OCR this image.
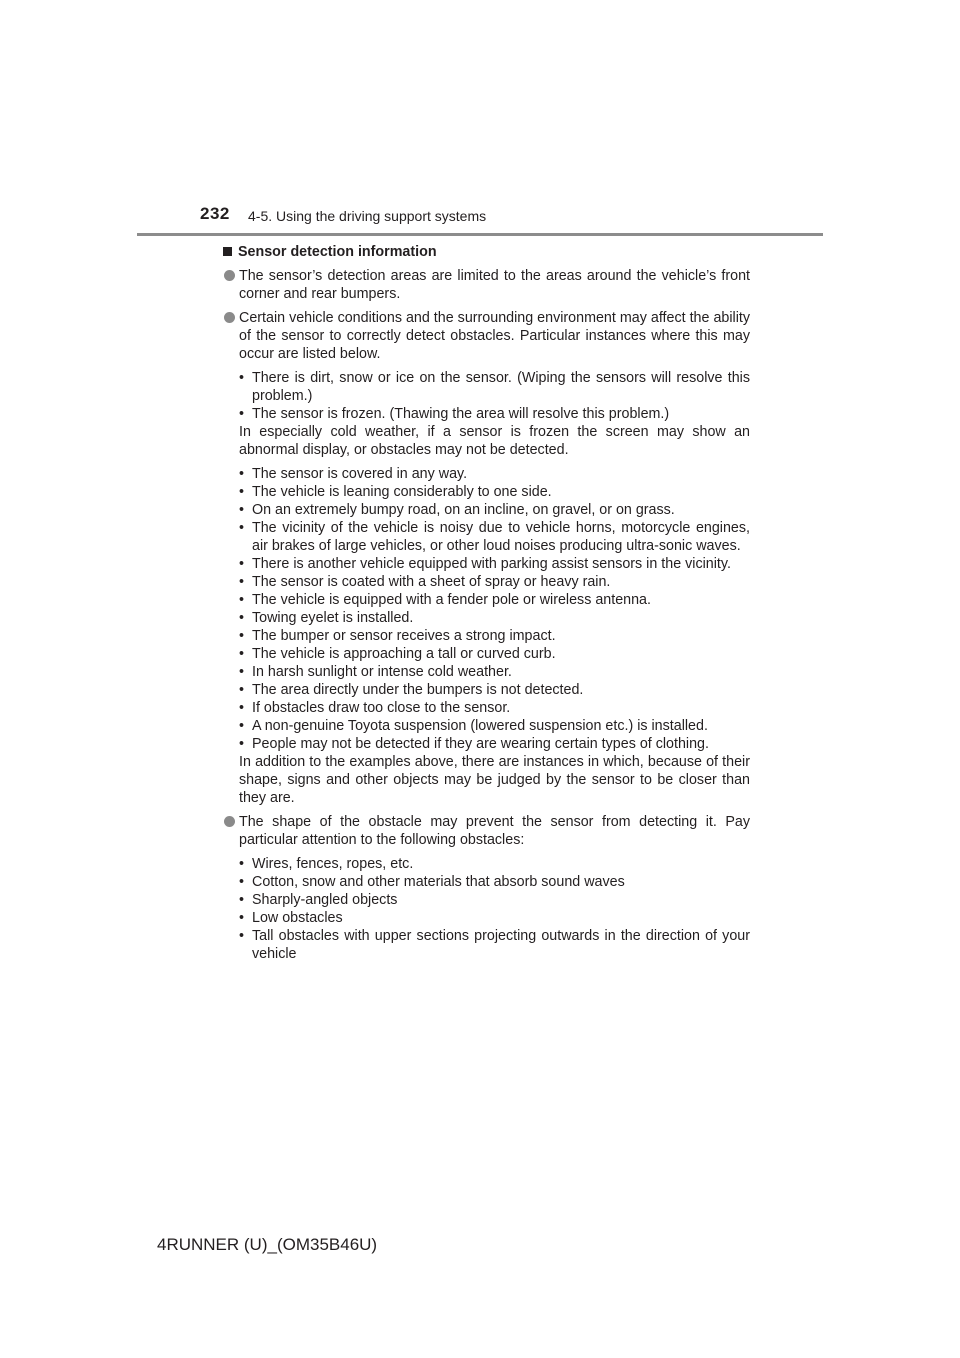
232 4-5. Using the driving support systems
Sensor detection information
The sensor’s detection areas are limited to the areas around the vehicle’s front corner and rear bumpers.
Certain vehicle conditions and the surrounding environment may affect the ability of the sensor to correctly detect obstacles. Particular instances where this may occur are listed below.
• There is dirt, snow or ice on the sensor. (Wiping the sensors will resolve this problem.)
• The sensor is frozen. (Thawing the area will resolve this problem.)
In especially cold weather, if a sensor is frozen the screen may show an abnormal display, or obstacles may not be detected.
• The sensor is covered in any way.
• The vehicle is leaning considerably to one side.
• On an extremely bumpy road, on an incline, on gravel, or on grass.
• The vicinity of the vehicle is noisy due to vehicle horns, motorcycle engines, air brakes of large vehicles, or other loud noises producing ultra-sonic waves.
• There is another vehicle equipped with parking assist sensors in the vicinity.
• The sensor is coated with a sheet of spray or heavy rain.
• The vehicle is equipped with a fender pole or wireless antenna.
• Towing eyelet is installed.
• The bumper or sensor receives a strong impact.
• The vehicle is approaching a tall or curved curb.
• In harsh sunlight or intense cold weather.
• The area directly under the bumpers is not detected.
• If obstacles draw too close to the sensor.
• A non-genuine Toyota suspension (lowered suspension etc.) is installed.
• People may not be detected if they are wearing certain types of clothing.
In addition to the examples above, there are instances in which, because of their shape, signs and other objects may be judged by the sensor to be closer than they are.
The shape of the obstacle may prevent the sensor from detecting it. Pay particular attention to the following obstacles:
• Wires, fences, ropes, etc.
• Cotton, snow and other materials that absorb sound waves
• Sharply-angled objects
• Low obstacles
• Tall obstacles with upper sections projecting outwards in the direction of your vehicle
4RUNNER (U)_(OM35B46U)
